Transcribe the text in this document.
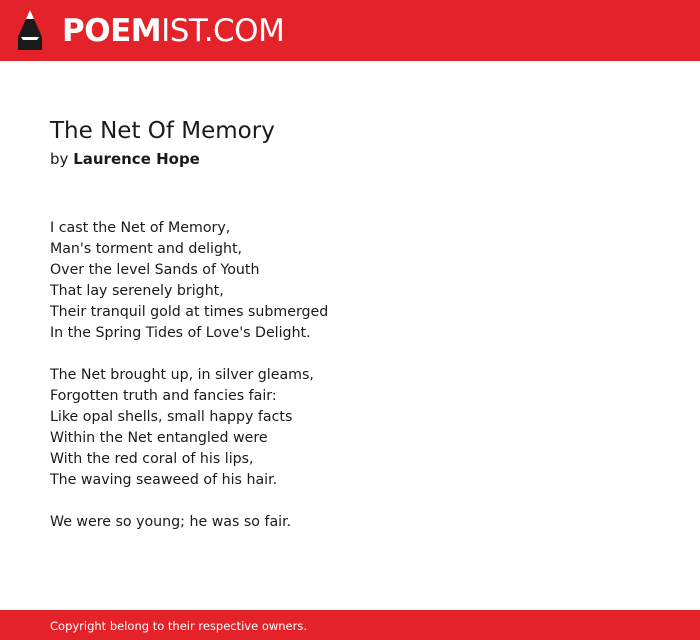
POEMIST.COM
The Net Of Memory
by Laurence Hope
I cast the Net of Memory,
Man's torment and delight,
Over the level Sands of Youth
That lay serenely bright,
Their tranquil gold at times submerged
In the Spring Tides of Love's Delight.
The Net brought up, in silver gleams,
Forgotten truth and fancies fair:
Like opal shells, small happy facts
Within the Net entangled were
With the red coral of his lips,
The waving seaweed of his hair.
We were so young; he was so fair.
Copyright belong to their respective owners.
